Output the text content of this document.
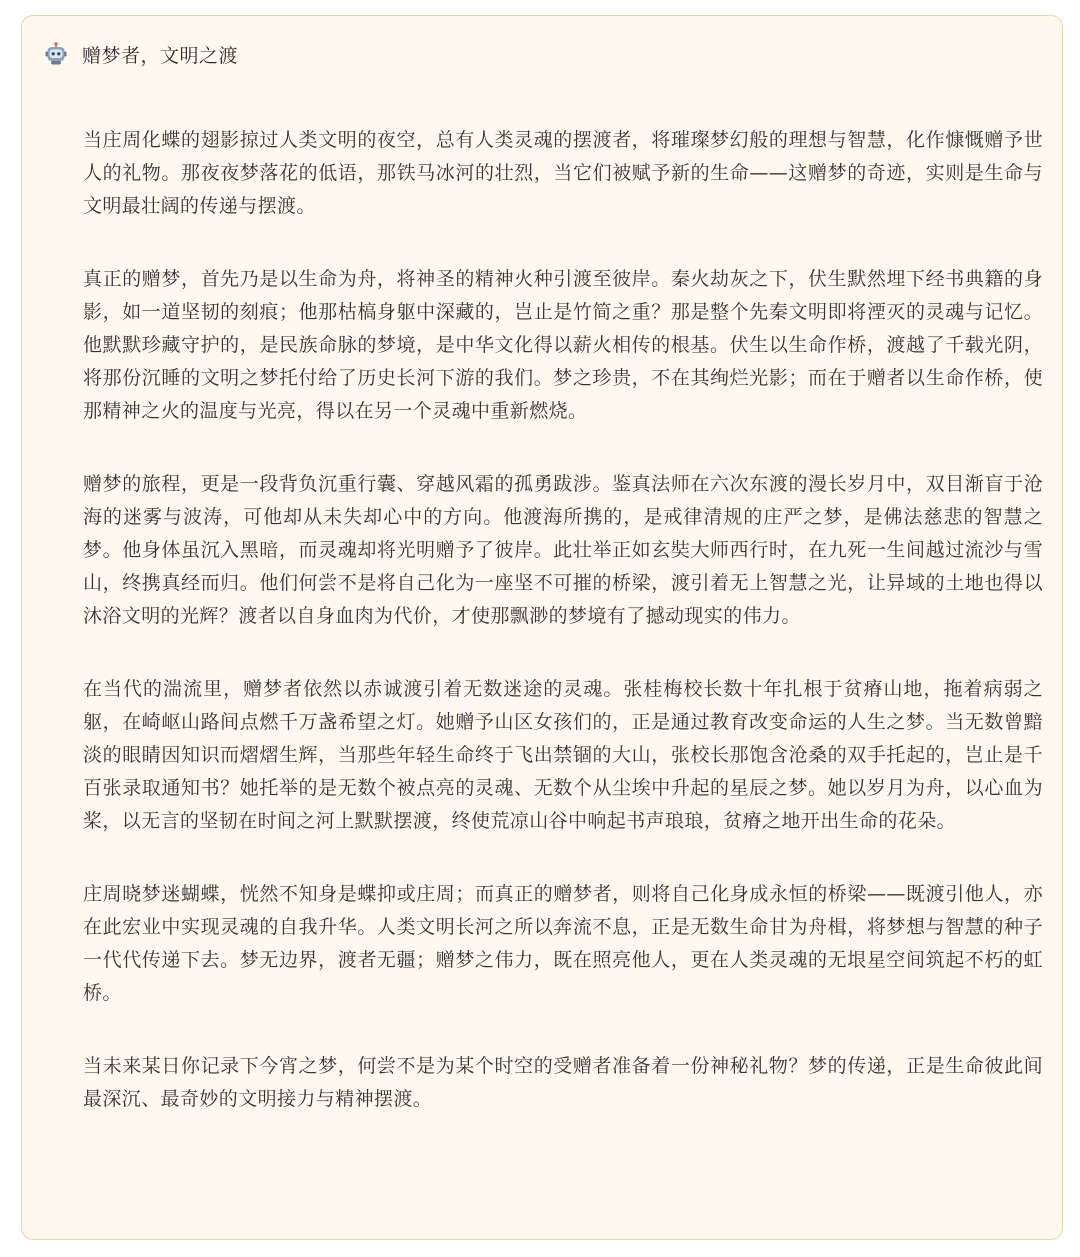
赠梦者，文明之渡

当庄周化蝶的翅影掠过人类文明的夜空，总有人类灵魂的摆渡者，将璀璨梦幻般的理想与智慧，化作慷慨赠予世人的礼物。那夜夜梦落花的低语，那铁马冰河的壮烈，当它们被赋予新的生命——这赠梦的奇迹，实则是生命与文明最壮阔的传递与摆渡。

真正的赠梦，首先乃是以生命为舟，将神圣的精神火种引渡至彼岸。秦火劫灰之下，伏生默然埋下经书典籍的身影，如一道坚韧的刻痕；他那枯槁身躯中深藏的，岂止是竹简之重？那是整个先秦文明即将湮灭的灵魂与记忆。他默默珍藏守护的，是民族命脉的梦境，是中华文化得以薪火相传的根基。伏生以生命作桥，渡越了千载光阴，将那份沉睡的文明之梦托付给了历史长河下游的我们。梦之珍贵，不在其绚烂光影；而在于赠者以生命作桥，使那精神之火的温度与光亮，得以在另一个灵魂中重新燃烧。

赠梦的旅程，更是一段背负沉重行囊、穿越风霜的孤勇跋涉。鉴真法师在六次东渡的漫长岁月中，双目渐盲于沧海的迷雾与波涛，可他却从未失却心中的方向。他渡海所携的，是戒律清规的庄严之梦，是佛法慈悲的智慧之梦。他身体虽沉入黑暗，而灵魂却将光明赠予了彼岸。此壮举正如玄奘大师西行时，在九死一生间越过流沙与雪山，终携真经而归。他们何尝不是将自己化为一座坚不可摧的桥梁，渡引着无上智慧之光，让异域的土地也得以沐浴文明的光辉？渡者以自身血肉为代价，才使那飘渺的梦境有了撼动现实的伟力。

在当代的湍流里，赠梦者依然以赤诚渡引着无数迷途的灵魂。张桂梅校长数十年扎根于贫瘠山地，拖着病弱之躯，在崎岖山路间点燃千万盏希望之灯。她赠予山区女孩们的，正是通过教育改变命运的人生之梦。当无数曾黯淡的眼睛因知识而熠熠生辉，当那些年轻生命终于飞出禁锢的大山，张校长那饱含沧桑的双手托起的，岂止是千百张录取通知书？她托举的是无数个被点亮的灵魂、无数个从尘埃中升起的星辰之梦。她以岁月为舟，以心血为桨，以无言的坚韧在时间之河上默默摆渡，终使荒凉山谷中响起书声琅琅，贫瘠之地开出生命的花朵。

庄周晓梦迷蝴蝶，恍然不知身是蝶抑或庄周；而真正的赠梦者，则将自己化身成永恒的桥梁——既渡引他人，亦在此宏业中实现灵魂的自我升华。人类文明长河之所以奔流不息，正是无数生命甘为舟楫，将梦想与智慧的种子一代代传递下去。梦无边界，渡者无疆；赠梦之伟力，既在照亮他人，更在人类灵魂的无垠星空间筑起不朽的虹桥。

当未来某日你记录下今宵之梦，何尝不是为某个时空的受赠者准备着一份神秘礼物？梦的传递，正是生命彼此间最深沉、最奇妙的文明接力与精神摆渡。
